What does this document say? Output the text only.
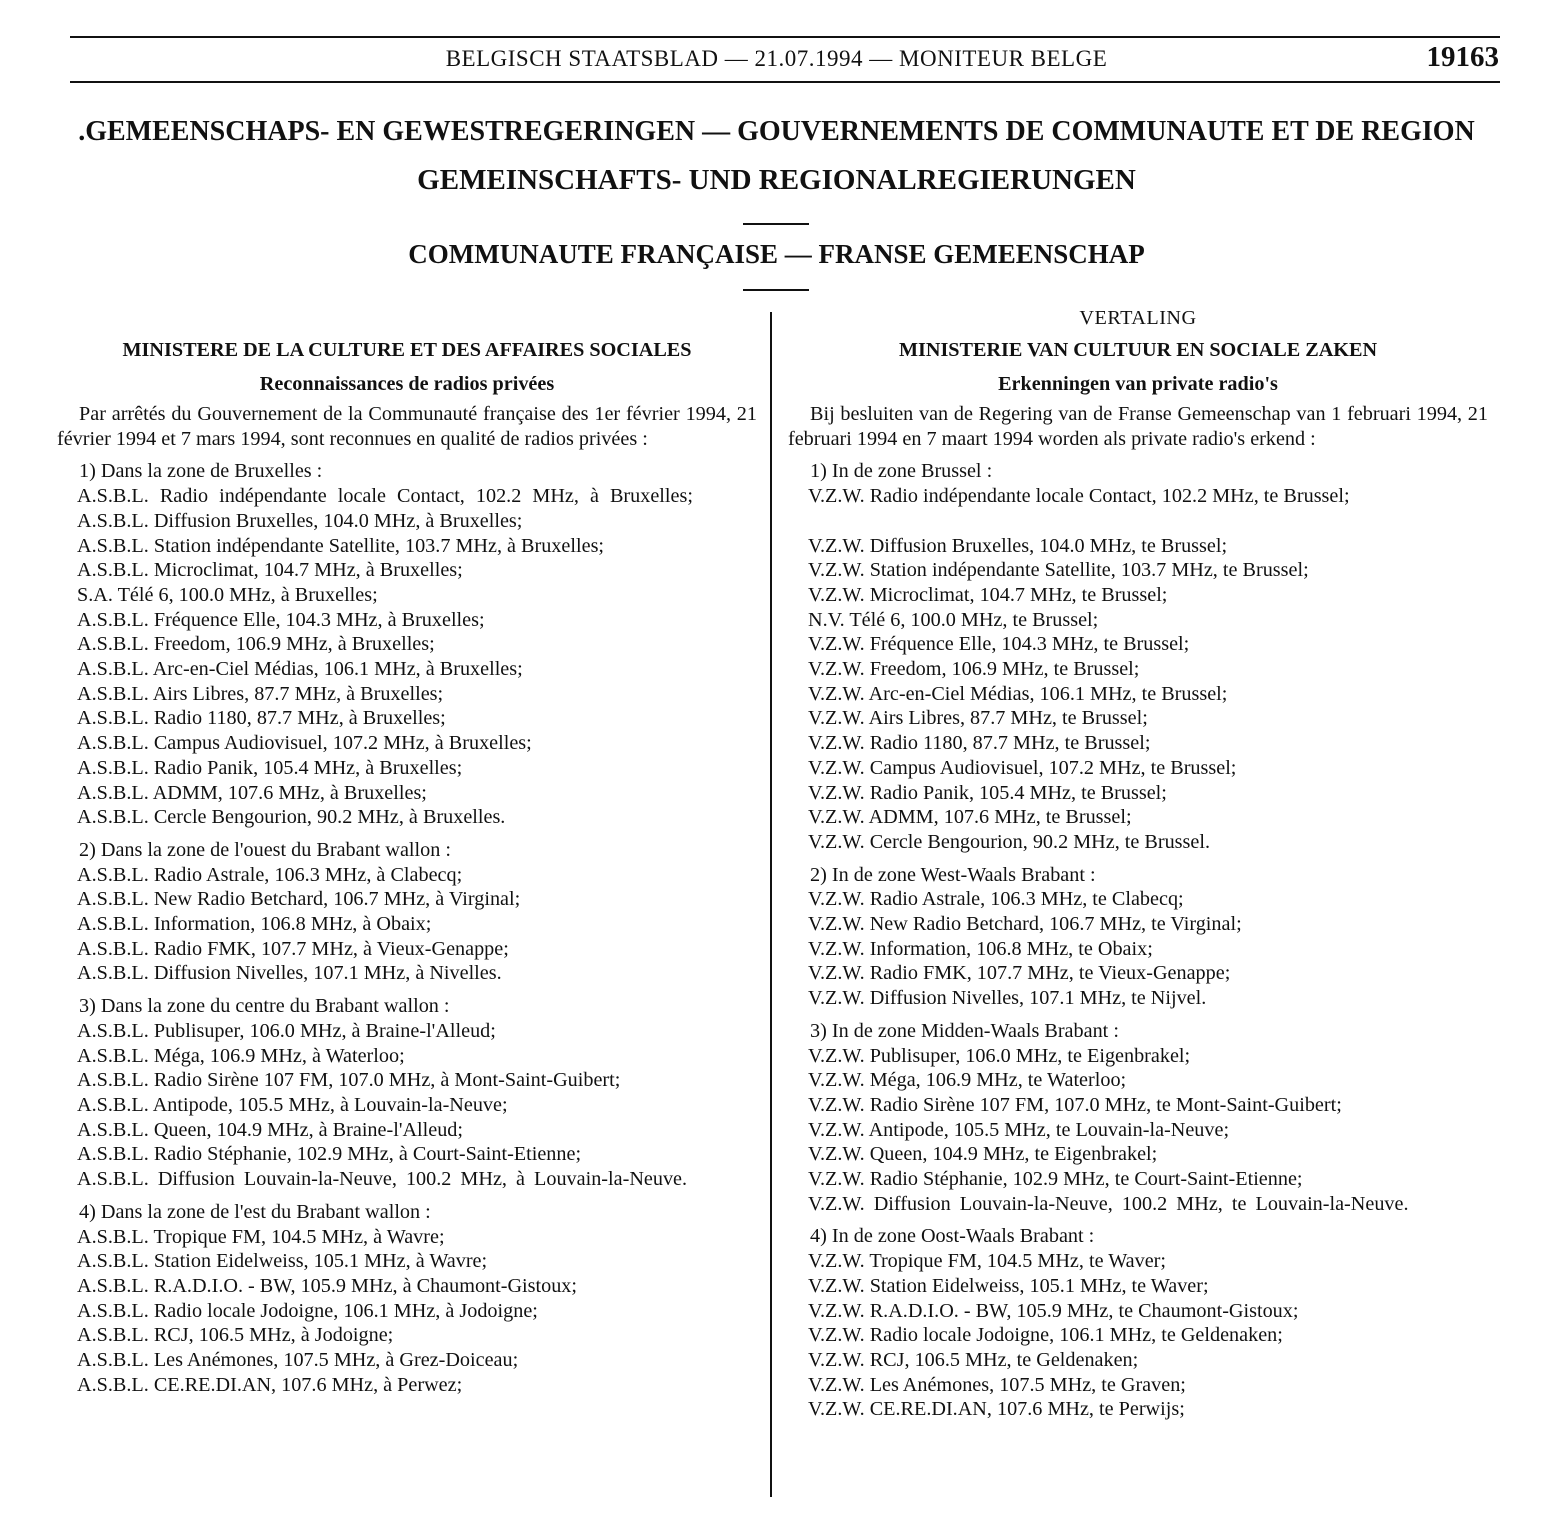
BELGISCH STAATSBLAD — 21.07.1994 — MONITEUR BELGE	19163
.GEMEENSCHAPS- EN GEWESTREGERINGEN — GOUVERNEMENTS DE COMMUNAUTE ET DE REGION
GEMEINSCHAFTS- UND REGIONALREGIERUNGEN
COMMUNAUTE FRANÇAISE — FRANSE GEMEENSCHAP

MINISTERE DE LA CULTURE ET DES AFFAIRES SOCIALES

Reconnaissances de radios privées

Par arrêtés du Gouvernement de la Communauté française des 1er février 1994, 21 février 1994 et 7 mars 1994, sont reconnues en qualité de radios privées :

1) Dans la zone de Bruxelles :

A.S.B.L. Radio indépendante locale Contact, 102.2 MHz, à Bruxelles;

A.S.B.L. Diffusion Bruxelles, 104.0 MHz, à Bruxelles;

A.S.B.L. Station indépendante Satellite, 103.7 MHz, à Bruxelles;

A.S.B.L. Microclimat, 104.7 MHz, à Bruxelles;

S.A. Télé 6, 100.0 MHz, à Bruxelles;

A.S.B.L. Fréquence Elle, 104.3 MHz, à Bruxelles;

A.S.B.L. Freedom, 106.9 MHz, à Bruxelles;

A.S.B.L. Arc-en-Ciel Médias, 106.1 MHz, à Bruxelles;

A.S.B.L. Airs Libres, 87.7 MHz, à Bruxelles;

A.S.B.L. Radio 1180, 87.7 MHz, à Bruxelles;

A.S.B.L. Campus Audiovisuel, 107.2 MHz, à Bruxelles;

A.S.B.L. Radio Panik, 105.4 MHz, à Bruxelles;

A.S.B.L. ADMM, 107.6 MHz, à Bruxelles;

A.S.B.L. Cercle Bengourion, 90.2 MHz, à Bruxelles.

2) Dans la zone de l'ouest du Brabant wallon :

A.S.B.L. Radio Astrale, 106.3 MHz, à Clabecq;

A.S.B.L. New Radio Betchard, 106.7 MHz, à Virginal;

A.S.B.L. Information, 106.8 MHz, à Obaix;

A.S.B.L. Radio FMK, 107.7 MHz, à Vieux-Genappe;

A.S.B.L. Diffusion Nivelles, 107.1 MHz, à Nivelles.

3) Dans la zone du centre du Brabant wallon :

A.S.B.L. Publisuper, 106.0 MHz, à Braine-l'Alleud;

A.S.B.L. Méga, 106.9 MHz, à Waterloo;

A.S.B.L. Radio Sirène 107 FM, 107.0 MHz, à Mont-Saint-Guibert;

A.S.B.L. Antipode, 105.5 MHz, à Louvain-la-Neuve;

A.S.B.L. Queen, 104.9 MHz, à Braine-l'Alleud;

A.S.B.L. Radio Stéphanie, 102.9 MHz, à Court-Saint-Etienne;

A.S.B.L. Diffusion Louvain-la-Neuve, 100.2 MHz, à Louvain-la-Neuve.

4) Dans la zone de l'est du Brabant wallon :

A.S.B.L. Tropique FM, 104.5 MHz, à Wavre;

A.S.B.L. Station Eidelweiss, 105.1 MHz, à Wavre;

A.S.B.L. R.A.D.I.O. - BW, 105.9 MHz, à Chaumont-Gistoux;

A.S.B.L. Radio locale Jodoigne, 106.1 MHz, à Jodoigne;

A.S.B.L. RCJ, 106.5 MHz, à Jodoigne;

A.S.B.L. Les Anémones, 107.5 MHz, à Grez-Doiceau;

A.S.B.L. CE.RE.DI.AN, 107.6 MHz, à Perwez;

VERTALING

MINISTERIE VAN CULTUUR EN SOCIALE ZAKEN

Erkenningen van private radio's

Bij besluiten van de Regering van de Franse Gemeenschap van 1 februari 1994, 21 februari 1994 en 7 maart 1994 worden als private radio's erkend :

1) In de zone Brussel :

V.Z.W. Radio indépendante locale Contact, 102.2 MHz, te Brussel;

V.Z.W. Diffusion Bruxelles, 104.0 MHz, te Brussel;

V.Z.W. Station indépendante Satellite, 103.7 MHz, te Brussel;

V.Z.W. Microclimat, 104.7 MHz, te Brussel;

N.V. Télé 6, 100.0 MHz, te Brussel;

V.Z.W. Fréquence Elle, 104.3 MHz, te Brussel;

V.Z.W. Freedom, 106.9 MHz, te Brussel;

V.Z.W. Arc-en-Ciel Médias, 106.1 MHz, te Brussel;

V.Z.W. Airs Libres, 87.7 MHz, te Brussel;

V.Z.W. Radio 1180, 87.7 MHz, te Brussel;

V.Z.W. Campus Audiovisuel, 107.2 MHz, te Brussel;

V.Z.W. Radio Panik, 105.4 MHz, te Brussel;

V.Z.W. ADMM, 107.6 MHz, te Brussel;

V.Z.W. Cercle Bengourion, 90.2 MHz, te Brussel.

2) In de zone West-Waals Brabant :

V.Z.W. Radio Astrale, 106.3 MHz, te Clabecq;

V.Z.W. New Radio Betchard, 106.7 MHz, te Virginal;

V.Z.W. Information, 106.8 MHz, te Obaix;

V.Z.W. Radio FMK, 107.7 MHz, te Vieux-Genappe;

V.Z.W. Diffusion Nivelles, 107.1 MHz, te Nijvel.

3) In de zone Midden-Waals Brabant :

V.Z.W. Publisuper, 106.0 MHz, te Eigenbrakel;

V.Z.W. Méga, 106.9 MHz, te Waterloo;

V.Z.W. Radio Sirène 107 FM, 107.0 MHz, te Mont-Saint-Guibert;

V.Z.W. Antipode, 105.5 MHz, te Louvain-la-Neuve;

V.Z.W. Queen, 104.9 MHz, te Eigenbrakel;

V.Z.W. Radio Stéphanie, 102.9 MHz, te Court-Saint-Etienne;

V.Z.W. Diffusion Louvain-la-Neuve, 100.2 MHz, te Louvain-la-Neuve.

4) In de zone Oost-Waals Brabant :

V.Z.W. Tropique FM, 104.5 MHz, te Waver;

V.Z.W. Station Eidelweiss, 105.1 MHz, te Waver;

V.Z.W. R.A.D.I.O. - BW, 105.9 MHz, te Chaumont-Gistoux;

V.Z.W. Radio locale Jodoigne, 106.1 MHz, te Geldenaken;

V.Z.W. RCJ, 106.5 MHz, te Geldenaken;

V.Z.W. Les Anémones, 107.5 MHz, te Graven;

V.Z.W. CE.RE.DI.AN, 107.6 MHz, te Perwijs;
